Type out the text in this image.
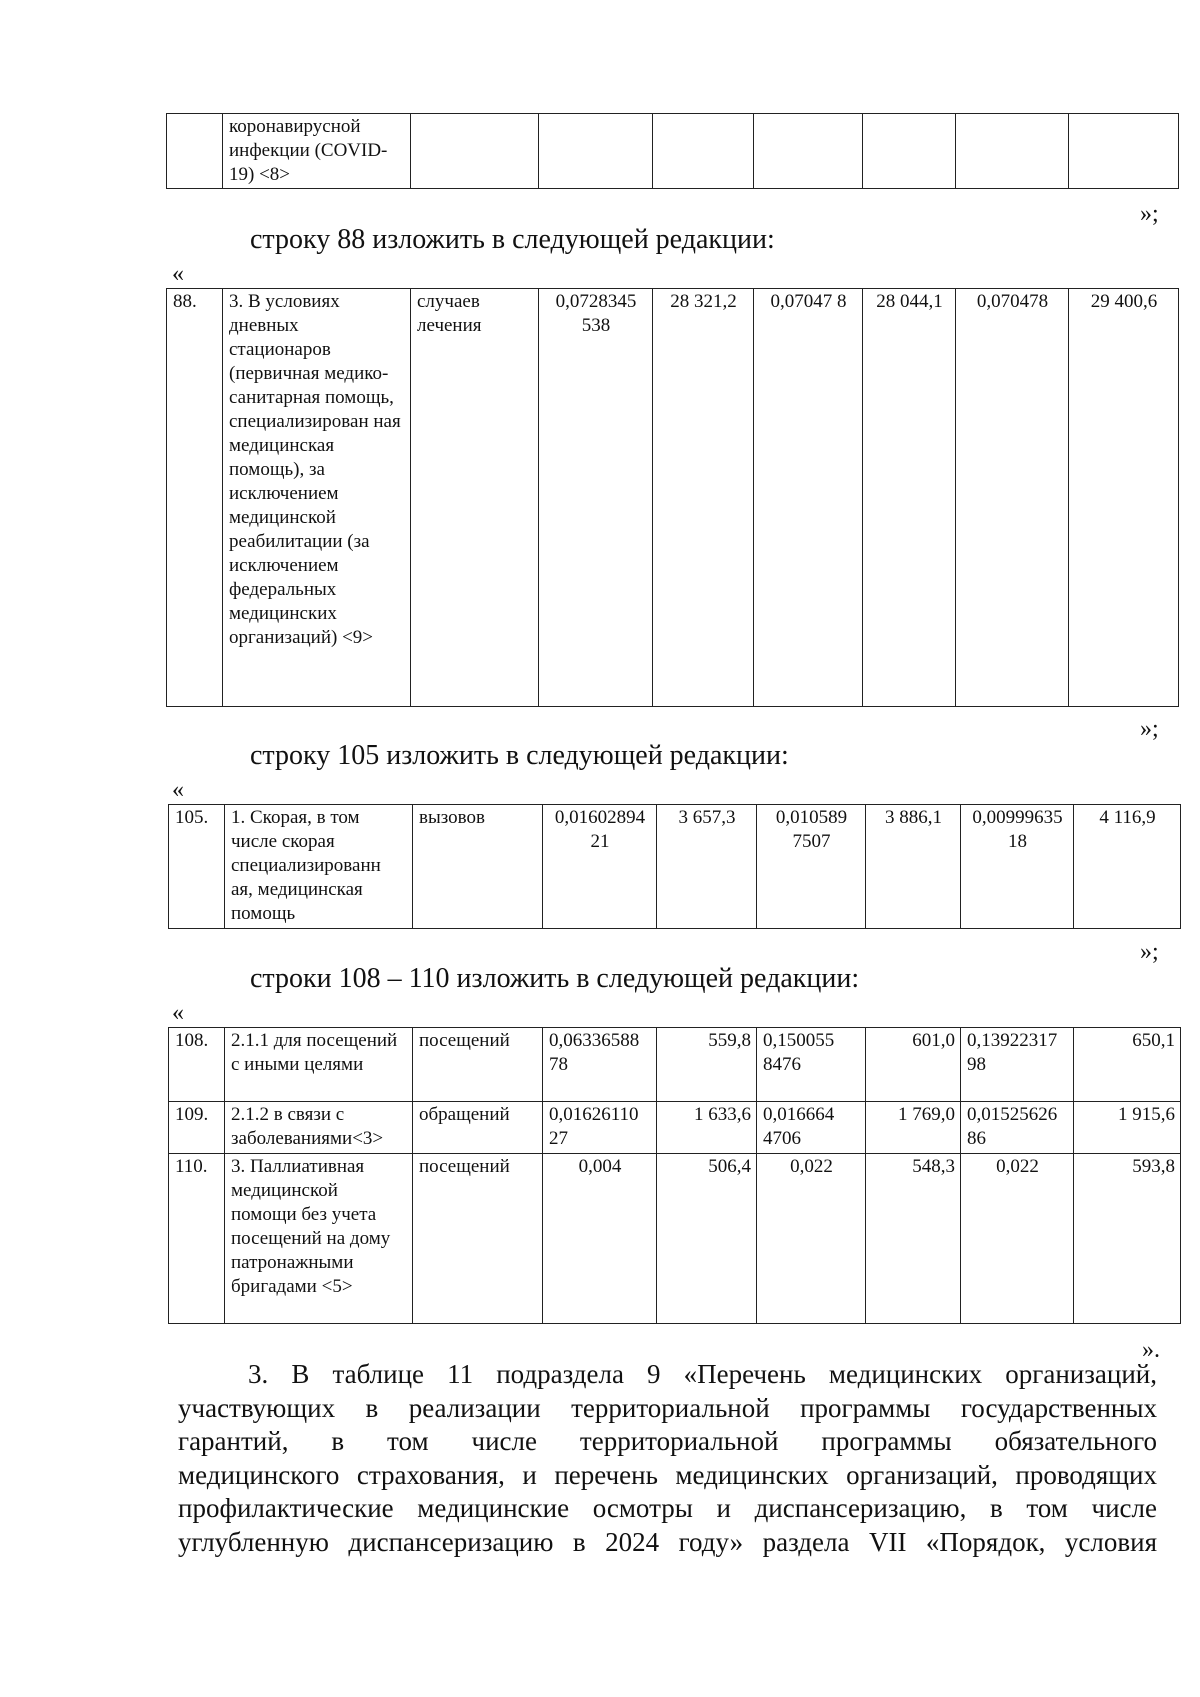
	коронавирусной инфекции (COVID-19) <8>							
»;
строку 88 изложить в следующей редакции:
«
88.	3. В условиях дневных стационаров (первичная медико-санитарная помощь, специализирован ная медицинская помощь), за исключением медицинской реабилитации (за исключением федеральных медицинских организаций) <9>	случаев лечения	0,0728345 538	28 321,2	0,07047 8	28 044,1	0,070478	29 400,6
»;
строку 105 изложить в следующей редакции:
«
105.	1. Скорая, в том числе скорая специализированн ая, медицинская помощь	вызовов	0,01602894 21	3 657,3	0,010589 7507	3 886,1	0,00999635 18	4 116,9
»;
строки 108 – 110 изложить в следующей редакции:
«
108.	2.1.1 для посещений с иными целями	посещений	0,06336588 78	559,8	0,150055 8476	601,0	0,13922317 98	650,1
109.	2.1.2 в связи с заболеваниями<3>	обращений	0,01626110 27	1 633,6	0,016664 4706	1 769,0	0,01525626 86	1 915,6
110.	3. Паллиативная медицинской помощи без учета посещений на дому патронажными бригадами <5>	посещений	0,004	506,4	0,022	548,3	0,022	593,8
».
3. В таблице 11 подраздела 9 «Перечень медицинских организаций,
участвующих в реализации территориальной программы государственных
гарантий, в том числе территориальной программы обязательного
медицинского страхования, и перечень медицинских организаций, проводящих
профилактические медицинские осмотры и диспансеризацию, в том числе
углубленную диспансеризацию в 2024 году» раздела VII «Порядок, условия
